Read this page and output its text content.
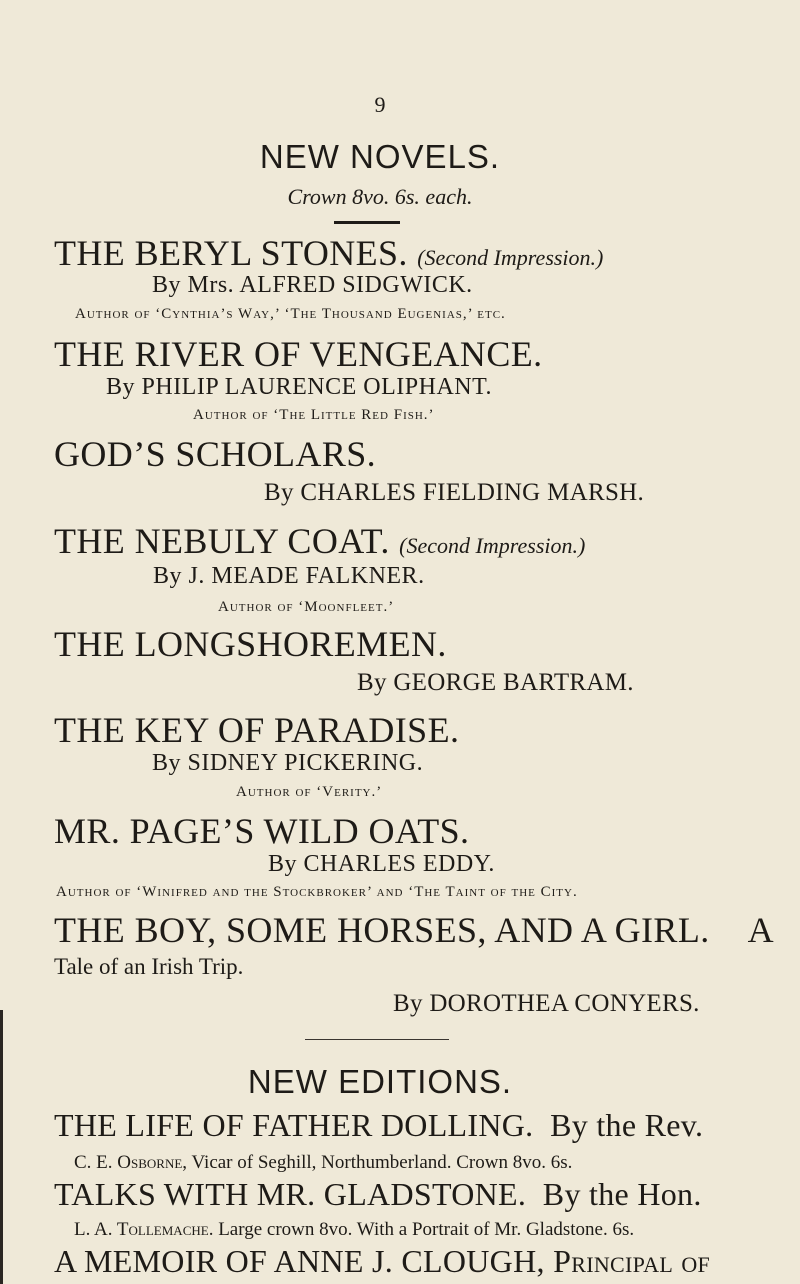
9
NEW NOVELS.
Crown 8vo. 6s. each.
THE BERYL STONES. (Second Impression.)
By Mrs. ALFRED SIDGWICK.
Author of ‘Cynthia’s Way,’ ‘The Thousand Eugenias,’ etc.
THE RIVER OF VENGEANCE.
By PHILIP LAURENCE OLIPHANT.
Author of ‘The Little Red Fish.’
GOD’S SCHOLARS.
By CHARLES FIELDING MARSH.
THE NEBULY COAT. (Second Impression.)
By J. MEADE FALKNER.
Author of ‘Moonfleet.’
THE LONGSHOREMEN.
By GEORGE BARTRAM.
THE KEY OF PARADISE.
By SIDNEY PICKERING.
Author of ‘Verity.’
MR. PAGE’S WILD OATS.
By CHARLES EDDY.
Author of ‘Winifred and the Stockbroker’ and ‘The Taint of the City.
THE BOY, SOME HORSES, AND A GIRL. A
Tale of an Irish Trip.
By DOROTHEA CONYERS.
NEW EDITIONS.
THE LIFE OF FATHER DOLLING. By the Rev.
C. E. Osborne, Vicar of Seghill, Northumberland. Crown 8vo. 6s.
TALKS WITH MR. GLADSTONE. By the Hon.
L. A. Tollemache. Large crown 8vo. With a Portrait of Mr. Gladstone. 6s.
A MEMOIR OF ANNE J. CLOUGH, Principal of
